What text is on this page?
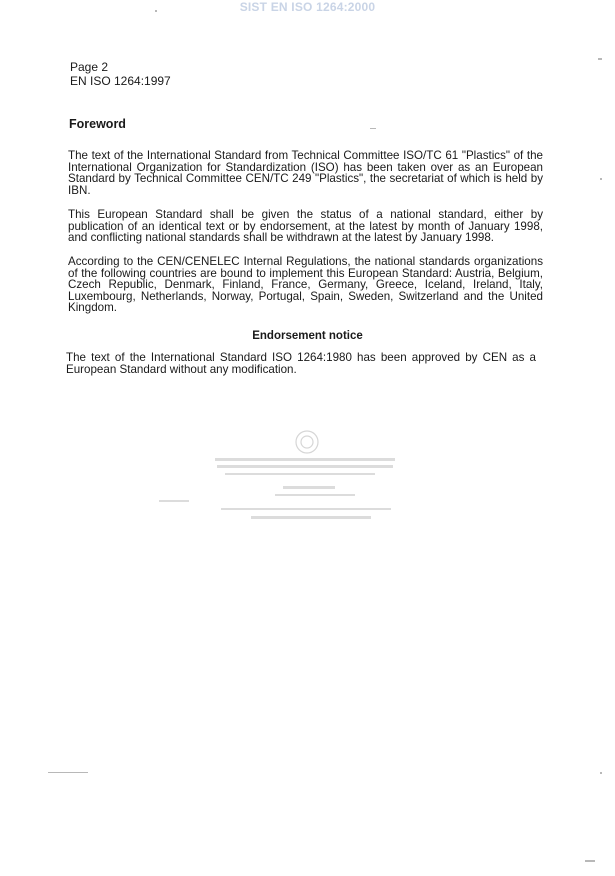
SIST EN ISO 1264:2000
Page 2
EN ISO 1264:1997
Foreword

The text of the International Standard from Technical Committee ISO/TC 61 "Plastics" of the International Organization for Standardization (ISO) has been taken over as an European Standard by Technical Committee CEN/TC 249 "Plastics", the secretariat of which is held by IBN.

This European Standard shall be given the status of a national standard, either by publication of an identical text or by endorsement, at the latest by month of January 1998, and conflicting national standards shall be withdrawn at the latest by January 1998.

According to the CEN/CENELEC Internal Regulations, the national standards organizations of the following countries are bound to implement this European Standard: Austria, Belgium, Czech Republic, Denmark, Finland, France, Germany, Greece, Iceland, Ireland, Italy, Luxembourg, Netherlands, Norway, Portugal, Spain, Sweden, Switzerland and the United Kingdom.

Endorsement notice

The text of the International Standard ISO 1264:1980 has been approved by CEN as a European Standard without any modification.
